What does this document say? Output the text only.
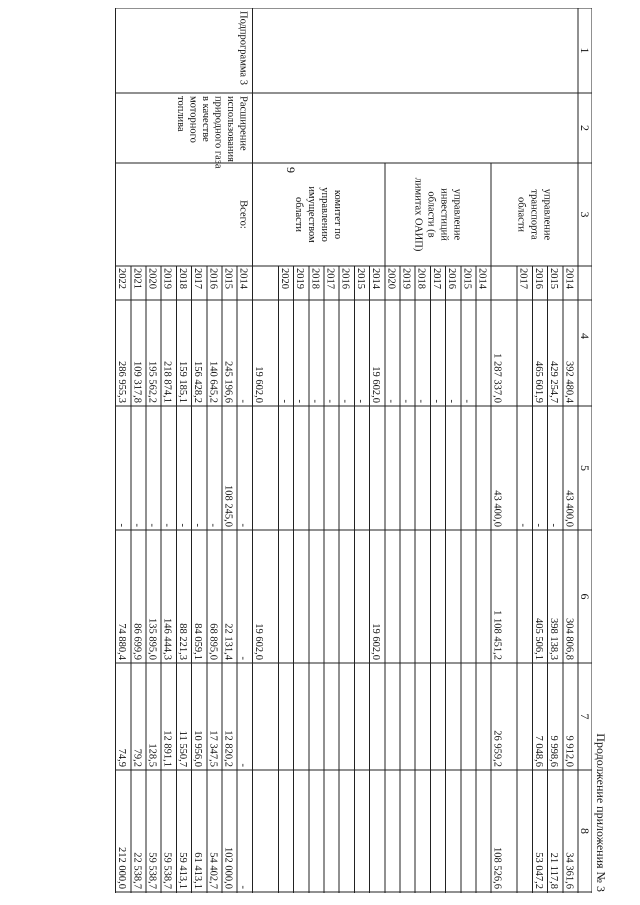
9
Продолжение приложения № 3
1
2
3
4
5
6
7
8
2014
392 480,4
43 400,0
304 806,8
9 912,0
34 361,6
2015
429 254,7
-
398 138,3
9 998,6
21 117,8
2016
465 601,9
-
405 506,1
7 048,6
53 047,2
2017
-
1 287 337,0
43 400,0
1 108 451,2
26 959,2
108 526,6
управление
транспорта
области
2014
2015
-
2016
-
2017
-
2018
-
2019
-
2020
-
управление
инвестиций
области (в
лимитах ОАИП)
2014
19 602,0
19 602,0
2015
-
2016
-
2017
-
2018
-
2019
-
2020
-
19 602,0
19 602,0
комитет по
управлению
имуществом
области
2014
-
-
-
-
-
2015
245 196,6
108 245,0
22 131,4
12 820,2
102 000,0
2016
140 645,2
-
68 895,0
17 347,5
54 402,7
2017
156 428,2
-
84 059,1
10 956,0
61 413,1
2018
159 185,1
-
88 221,3
11 550,7
59 413,1
2019
218 874,1
-
146 444,3
12 891,1
59 538,7
2020
195 562,2
-
135 895,0
128,5
59 538,7
2021
109 317,8
-
86 699,9
79,2
22 538,7
2022
286 955,3
-
74 880,4
74,9
212 000,0
Подпрограмма 3
Расширение
использования
природного газа
в качестве
моторного
топлива
Всего:
